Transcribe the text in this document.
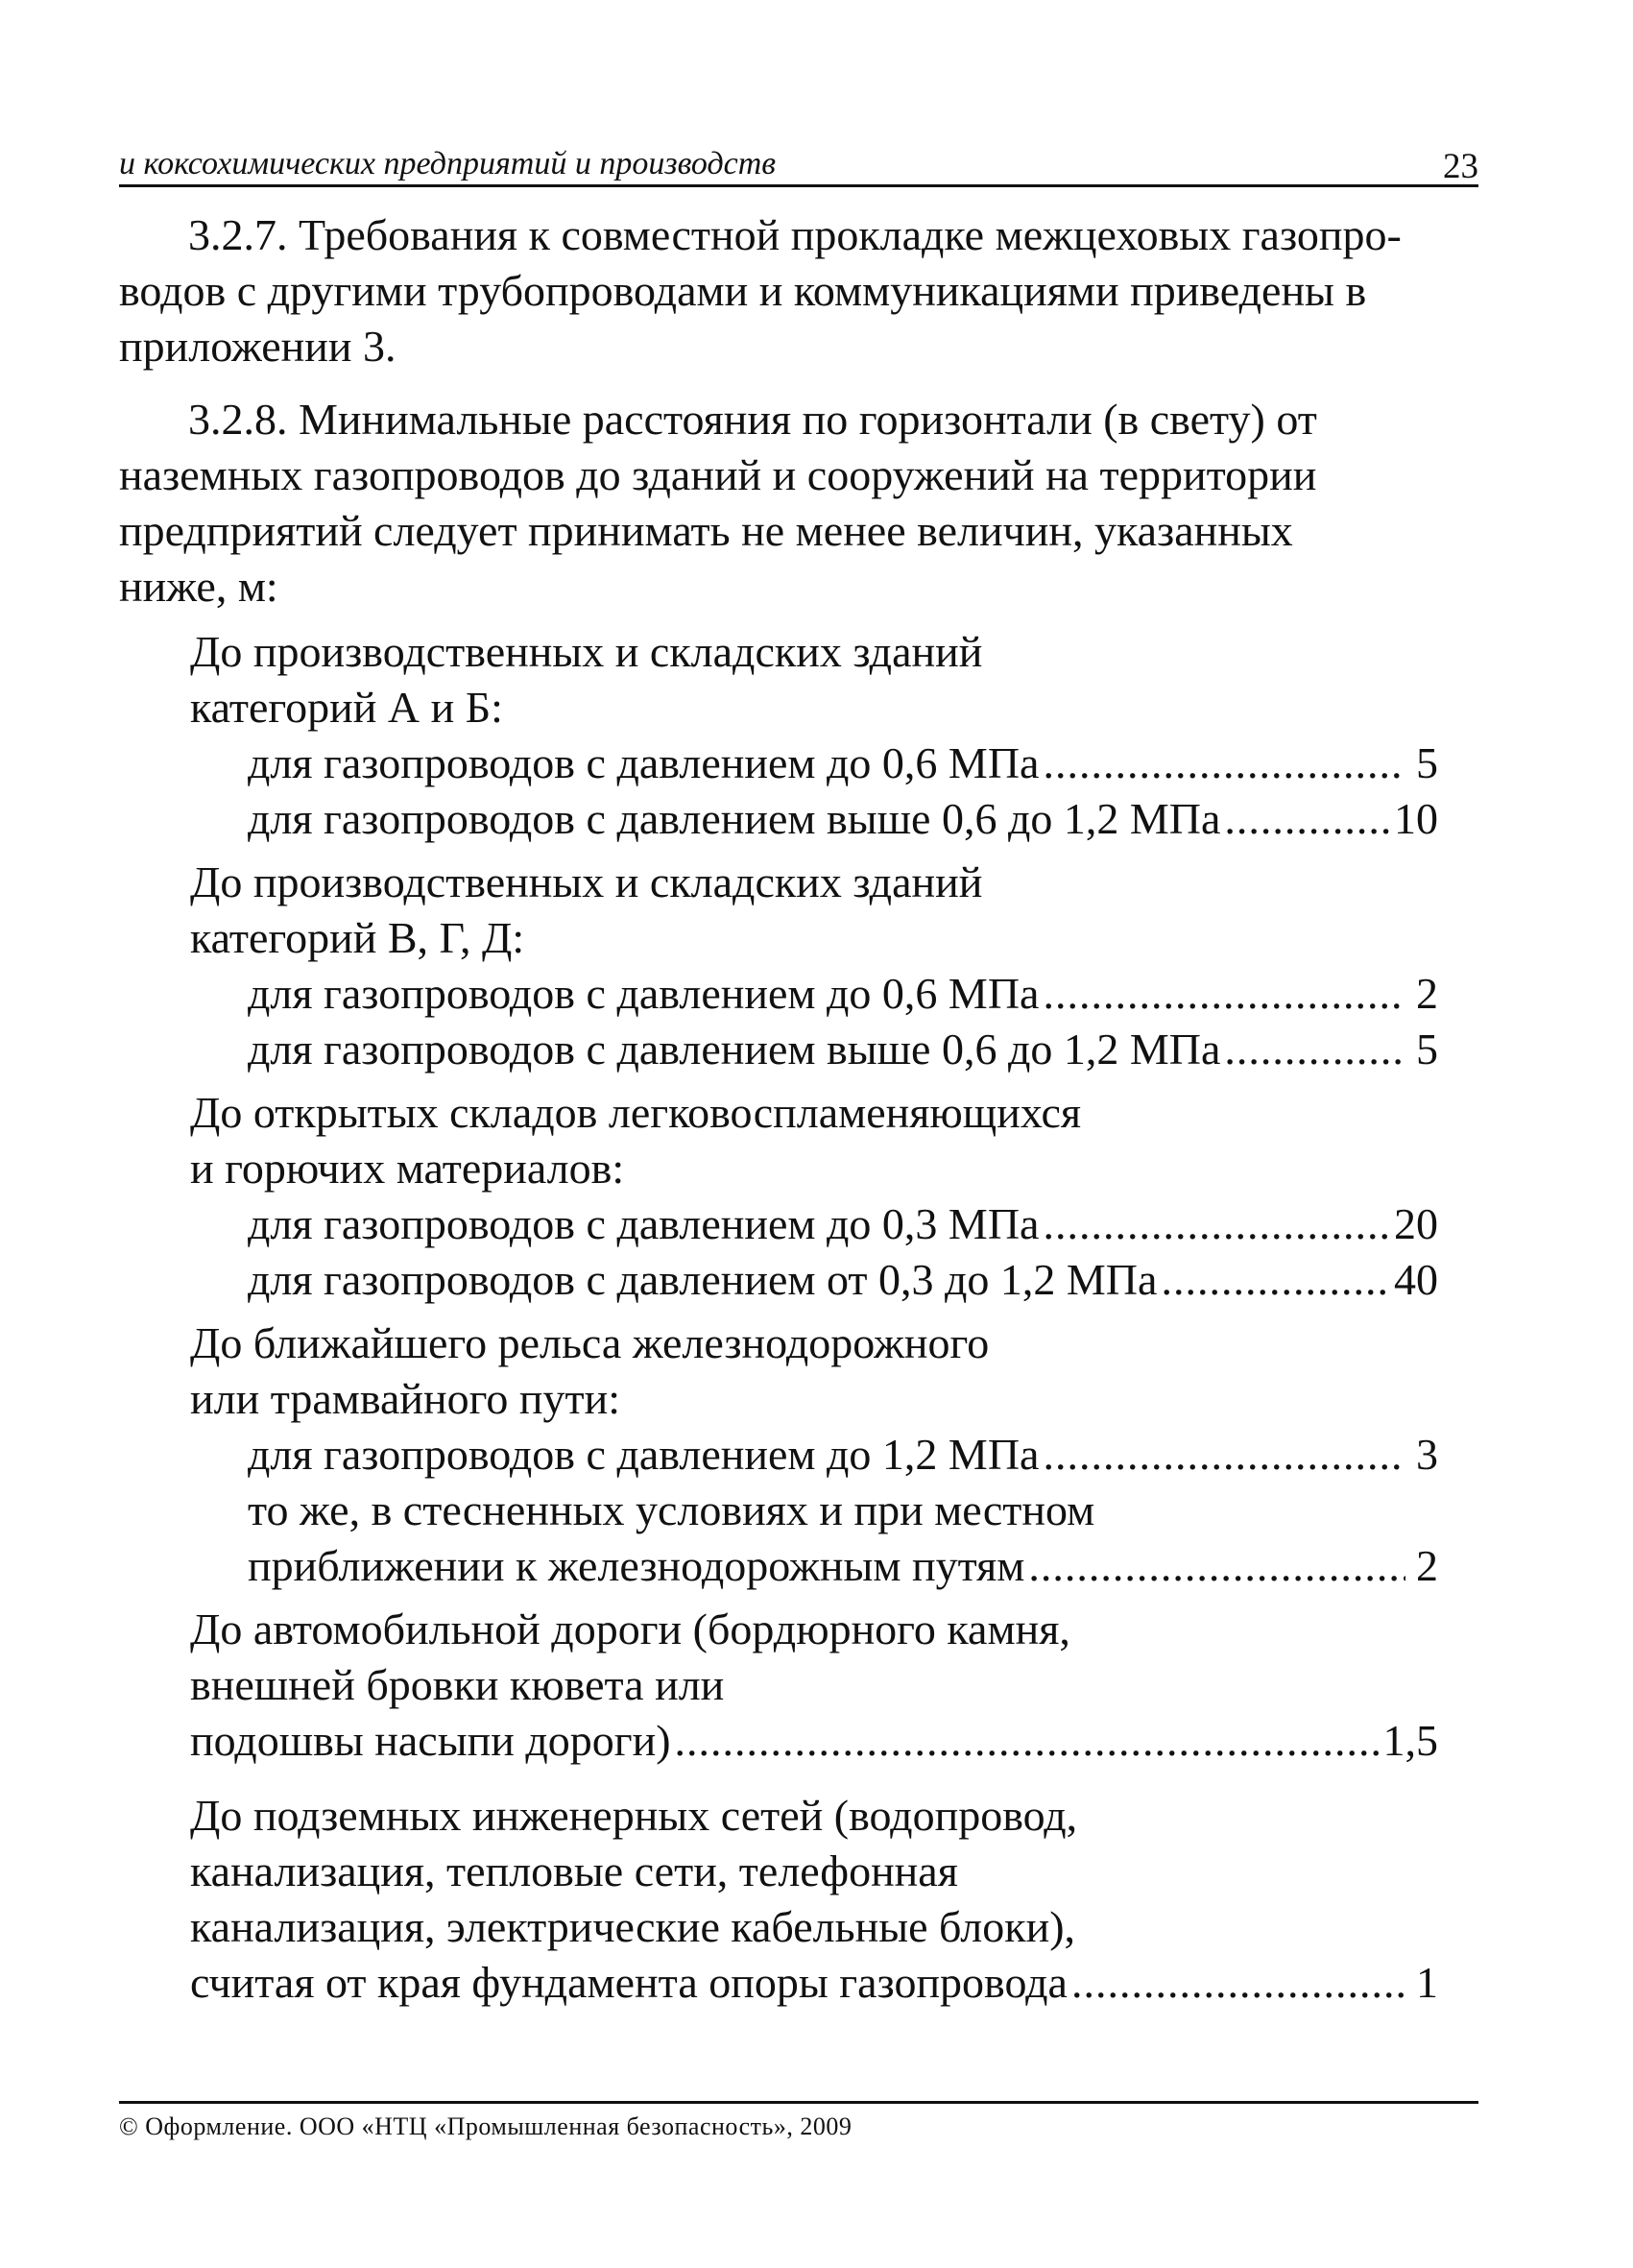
и коксохимических предприятий и производств	23
3.2.7. Требования к совместной прокладке межцеховых газопро-
водов с другими трубопроводами и коммуникациями приведены в
приложении 3.
3.2.8. Минимальные расстояния по горизонтали (в свету) от
наземных газопроводов до зданий и сооружений на территории
предприятий следует принимать не менее величин, указанных
ниже, м:
До производственных и складских зданий
категорий А и Б:
для газопроводов с давлением до 0,6 МПа .....	5
для газопроводов с давлением выше 0,6 до 1,2 МПа .....	10
До производственных и складских зданий
категорий В, Г, Д:
для газопроводов с давлением до 0,6 МПа .....	2
для газопроводов с давлением выше 0,6 до 1,2 МПа .....	5
До открытых складов легковоспламеняющихся
и горючих материалов:
для газопроводов с давлением до 0,3 МПа .....	20
для газопроводов с давлением от 0,3 до 1,2 МПа .....	40
До ближайшего рельса железнодорожного
или трамвайного пути:
для газопроводов с давлением до 1,2 МПа .....	3
то же, в стесненных условиях и при местном
приближении к железнодорожным путям .....	2
До автомобильной дороги (бордюрного камня,
внешней бровки кювета или
подошвы насыпи дороги) .....	1,5
До подземных инженерных сетей (водопровод,
канализация, тепловые сети, телефонная
канализация, электрические кабельные блоки),
считая от края фундамента опоры газопровода .....	1
© Оформление. ООО «НТЦ «Промышленная безопасность», 2009
